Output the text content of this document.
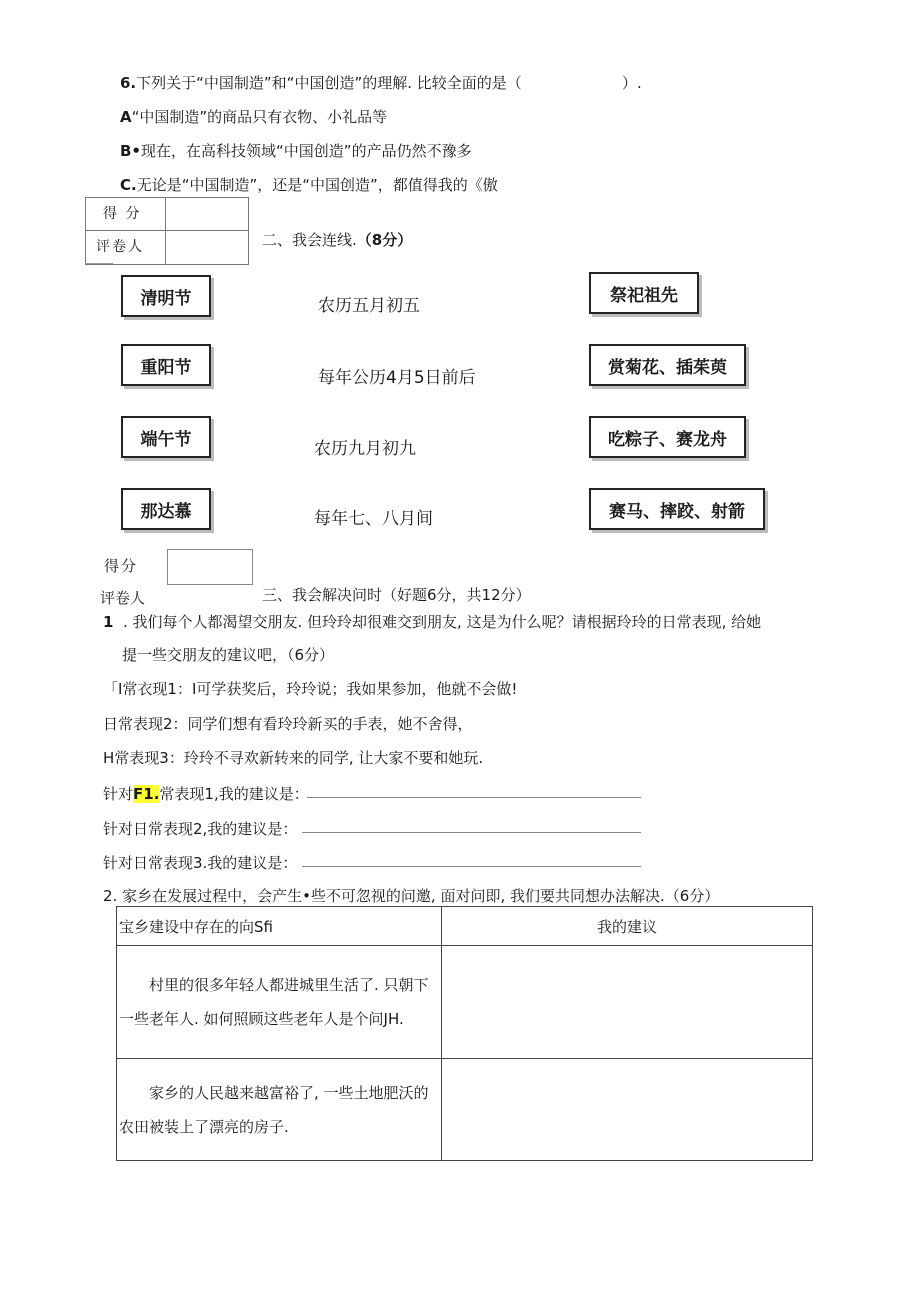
6.下列关于“中国制造”和“中国创造”的理解. 比较全面的是（	）.
A“中国制造”的商品只有衣物、小礼品等
B•现在，在高科技领域“中国创造”的产品仍然不豫多
C.无论是“中国制造”，还是“中国创造”，都值得我的《傲
得 分
评卷人	二、我会连线.（8分）
清明节
重阳节
端午节
那达慕
农历五月初五
每年公历4月5日前后
农历九月初九
每年七、八月间
祭祀祖先
赏菊花、插茱萸
吃粽子、赛龙舟
赛马、摔跤、射箭
得分
评卷人	三、我会解决问时（好题6分，共12分）
1 . 我们每个人都渴望交朋友. 但玲玲却很难交到朋友, 这是为什么呢？请根据玲玲的日常表现, 给她
提一些交朋友的建议吧，（6分）
「I常衣现1：I可学获奖后，玲玲说；我如果参加，他就不会做!
日常表现2：同学们想有看玲玲新买的手表，她不舍得，
H常表现3：玲玲不寻欢新转来的同学, 让大家不要和她玩.
针对F1.常表现1,我的建议是：
针对日常表现2,我的建议是：
针对日常表现3.我的建议是：
2. 家乡在发展过程中，会产生•些不可忽视的问邀, 面对问即, 我们要共同想办法解决.（6分）
宝乡建设中存在的向Sfi	我的建议
村里的很多年轻人都进城里生活了. 只朝下一些老年人. 如何照顾这些老年人是个问JH.	
家乡的人民越来越富裕了, 一些土地肥沃的农田被装上了漂亮的房子.	
